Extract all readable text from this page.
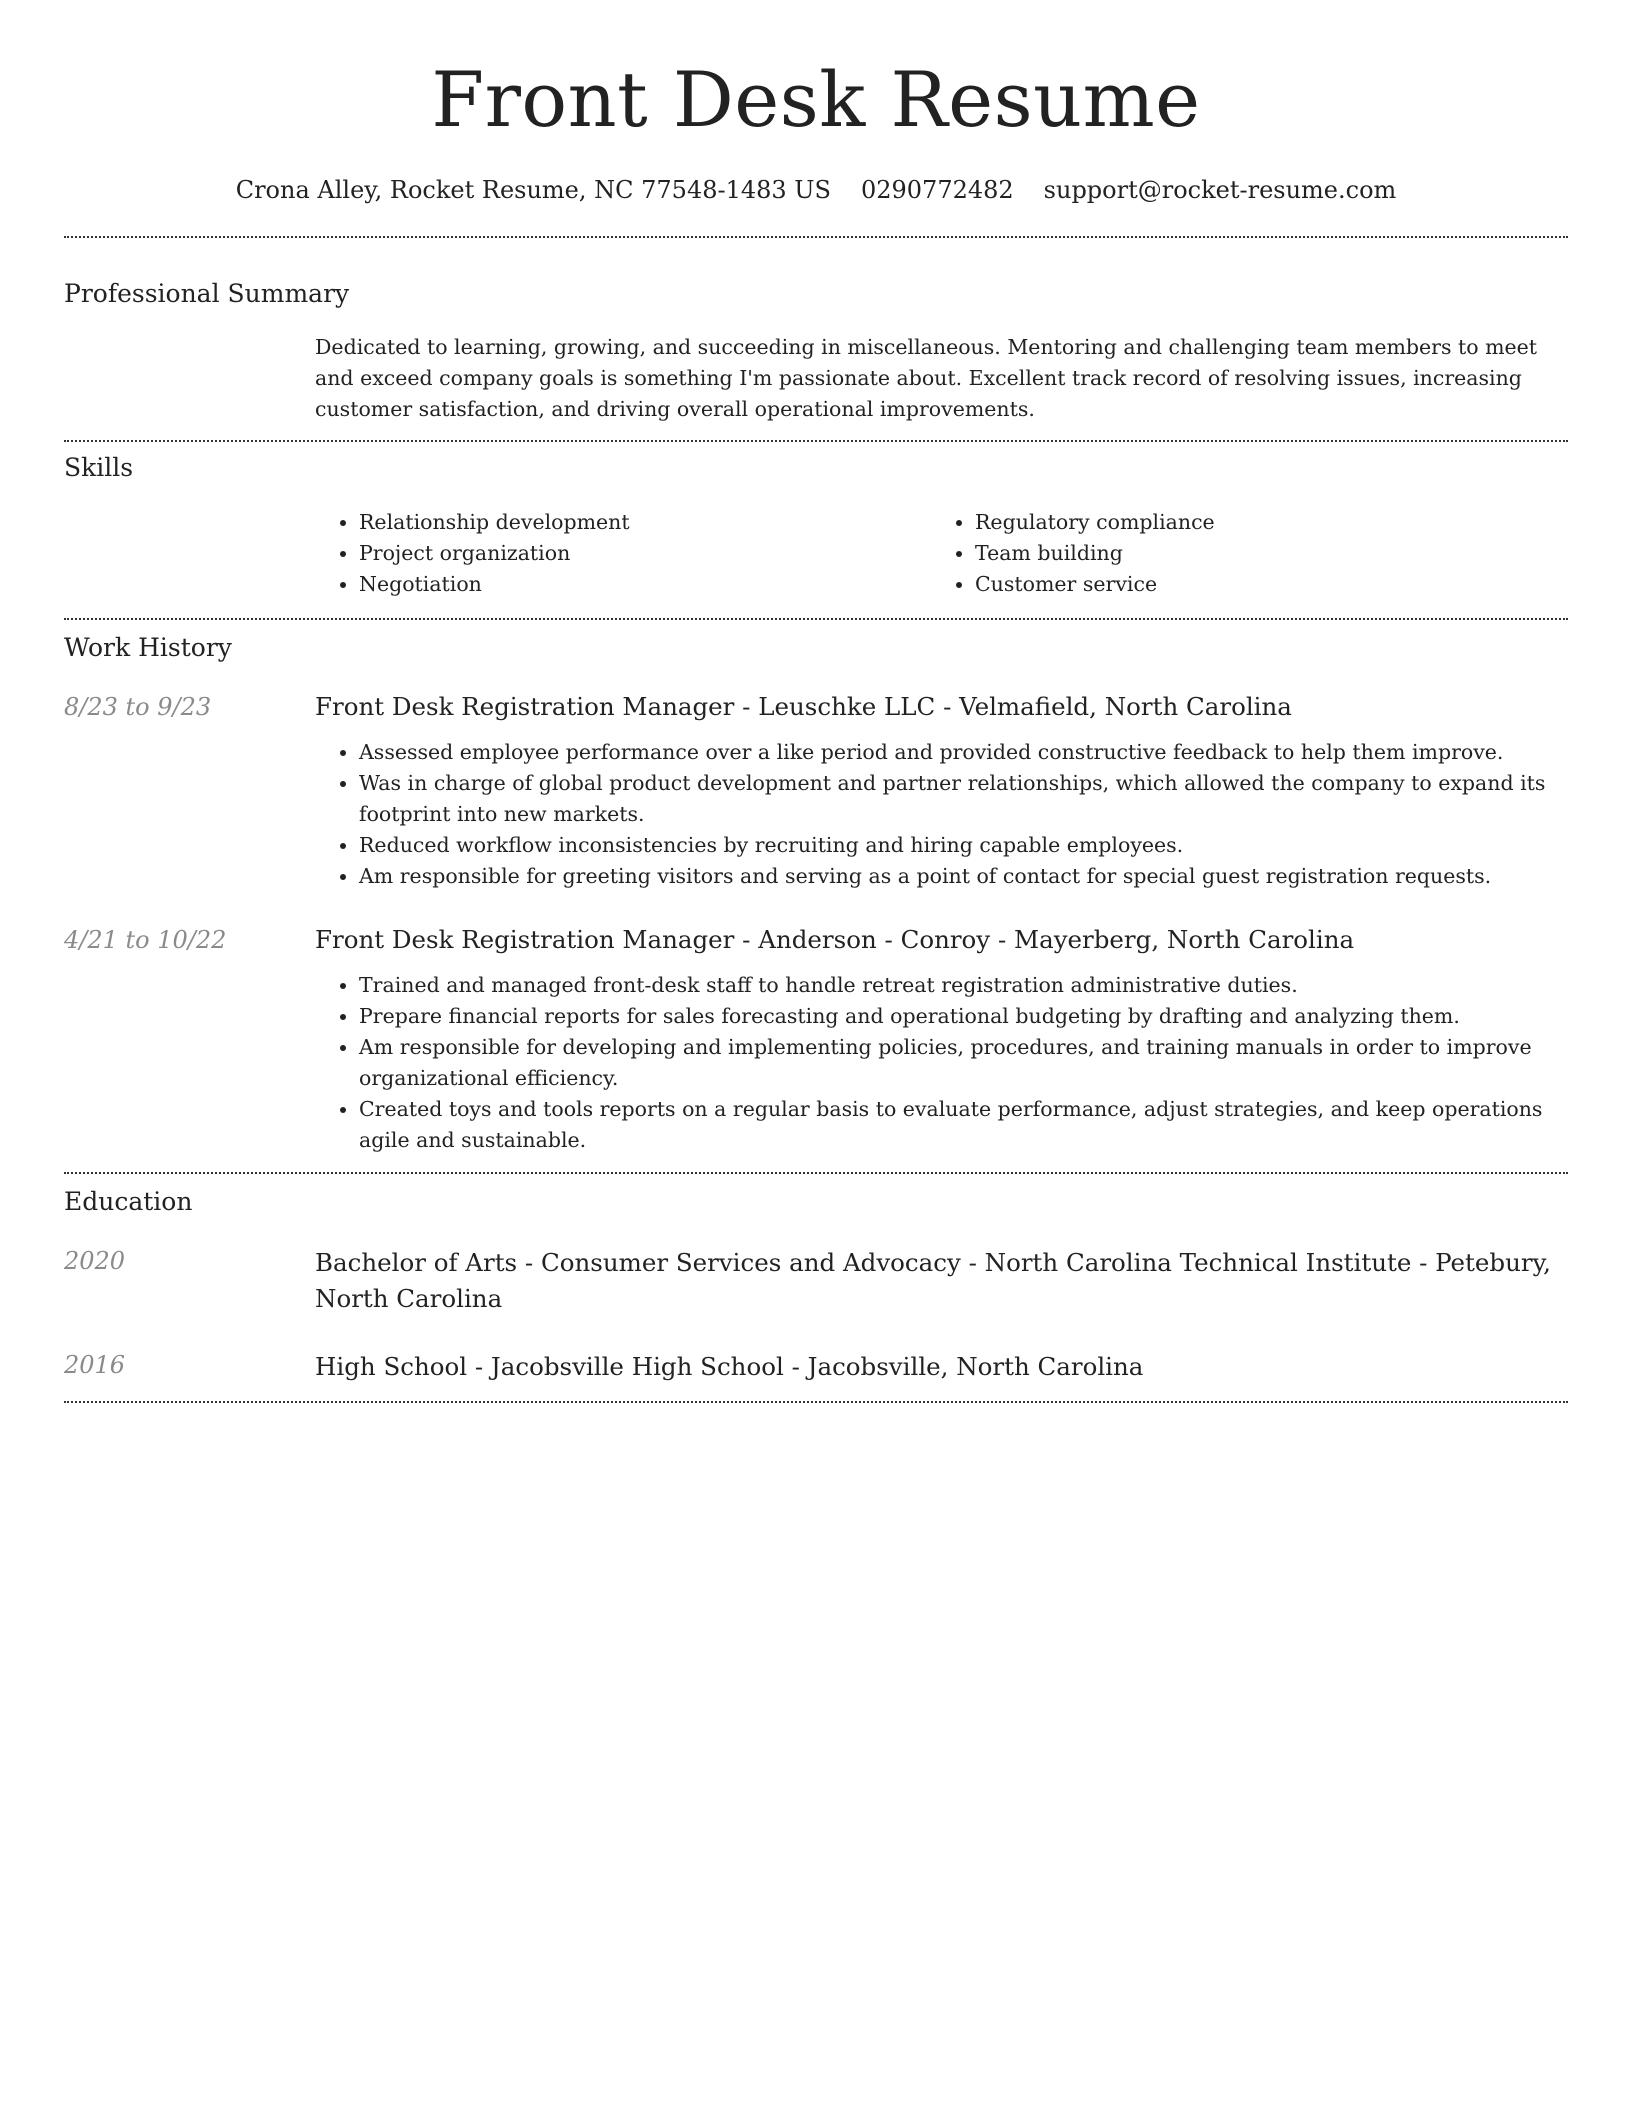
Front Desk Resume
Crona Alley, Rocket Resume, NC 77548-1483 US 0290772482 support@rocket-resume.com
Professional Summary

Dedicated to learning, growing, and succeeding in miscellaneous. Mentoring and challenging team members to meet and exceed company goals is something I'm passionate about. Excellent track record of resolving issues, increasing customer satisfaction, and driving overall operational improvements.

Skills
• Relationship development
• Project organization
• Negotiation
• Regulatory compliance
• Team building
• Customer service
Work History
8/23 to 9/23	Front Desk Registration Manager - Leuschke LLC - Velmafield, North Carolina
• Assessed employee performance over a like period and provided constructive feedback to help them improve.
• Was in charge of global product development and partner relationships, which allowed the company to expand its footprint into new markets.
• Reduced workflow inconsistencies by recruiting and hiring capable employees.
• Am responsible for greeting visitors and serving as a point of contact for special guest registration requests.
4/21 to 10/22	Front Desk Registration Manager - Anderson - Conroy - Mayerberg, North Carolina
• Trained and managed front-desk staff to handle retreat registration administrative duties.
• Prepare financial reports for sales forecasting and operational budgeting by drafting and analyzing them.
• Am responsible for developing and implementing policies, procedures, and training manuals in order to improve organizational efficiency.
• Created toys and tools reports on a regular basis to evaluate performance, adjust strategies, and keep operations agile and sustainable.
Education
2020	Bachelor of Arts - Consumer Services and Advocacy - North Carolina Technical Institute - Petebury, North Carolina
2016	High School - Jacobsville High School - Jacobsville, North Carolina
